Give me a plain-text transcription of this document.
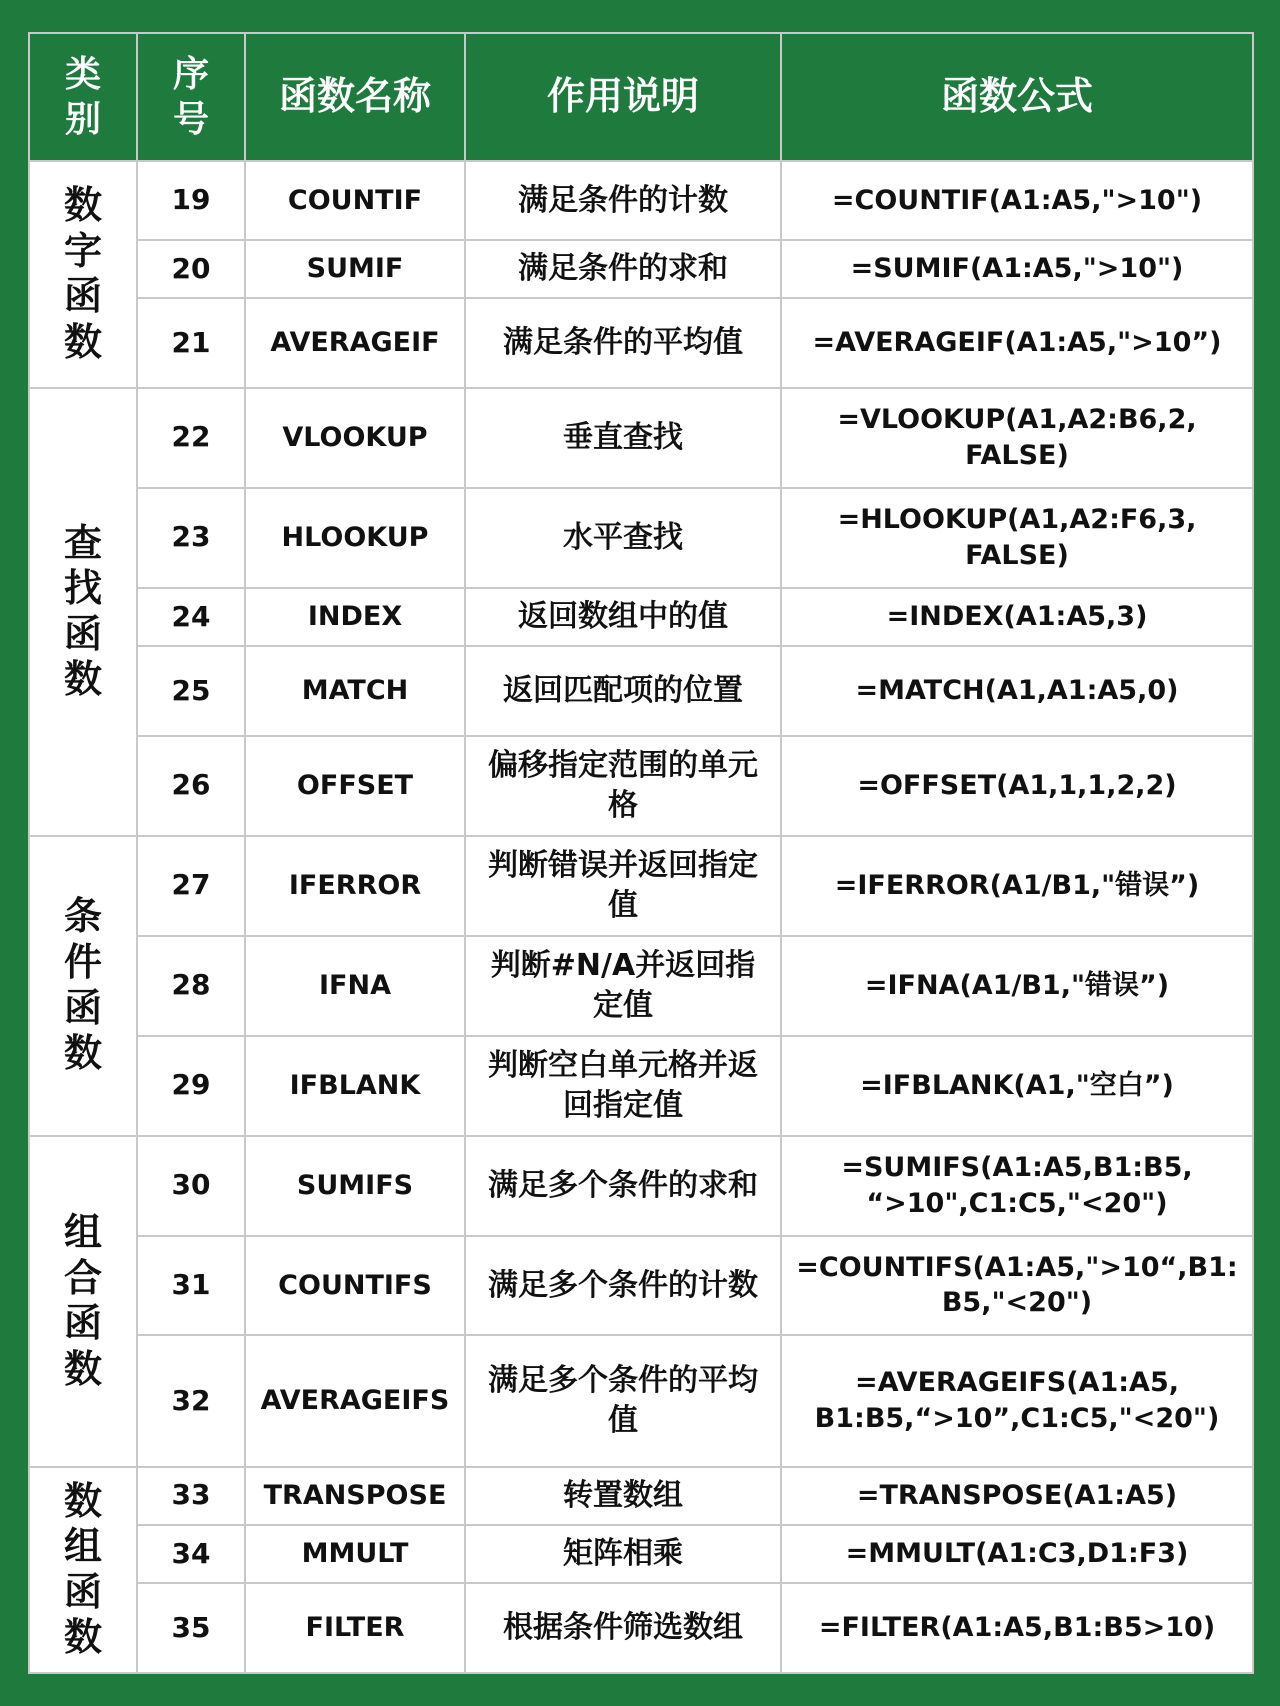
类别	序号	函数名称	作用说明	函数公式
数字函数	19	COUNTIF	满足条件的计数	=COUNTIF(A1:A5,">10")
	20	SUMIF	满足条件的求和	=SUMIF(A1:A5,">10")
	21	AVERAGEIF	满足条件的平均值	=AVERAGEIF(A1:A5,">10”)
查找函数	22	VLOOKUP	垂直查找	=VLOOKUP(A1,A2:B6,2, FALSE)
	23	HLOOKUP	水平查找	=HLOOKUP(A1,A2:F6,3, FALSE)
	24	INDEX	返回数组中的值	=INDEX(A1:A5,3)
	25	MATCH	返回匹配项的位置	=MATCH(A1,A1:A5,0)
	26	OFFSET	偏移指定范围的单元格	=OFFSET(A1,1,1,2,2)
条件函数	27	IFERROR	判断错误并返回指定值	=IFERROR(A1/B1,"错误”)
	28	IFNA	判断#N/A并返回指定值	=IFNA(A1/B1,"错误”)
	29	IFBLANK	判断空白单元格并返回指定值	=IFBLANK(A1,"空白”)
组合函数	30	SUMIFS	满足多个条件的求和	=SUMIFS(A1:A5,B1:B5, “>10",C1:C5,"<20")
	31	COUNTIFS	满足多个条件的计数	=COUNTIFS(A1:A5,">10“,B1: B5,"<20")
	32	AVERAGEIFS	满足多个条件的平均值	=AVERAGEIFS(A1:A5, B1:B5,“>10”,C1:C5,"<20")
数组函数	33	TRANSPOSE	转置数组	=TRANSPOSE(A1:A5)
	34	MMULT	矩阵相乘	=MMULT(A1:C3,D1:F3)
	35	FILTER	根据条件筛选数组	=FILTER(A1:A5,B1:B5>10)
